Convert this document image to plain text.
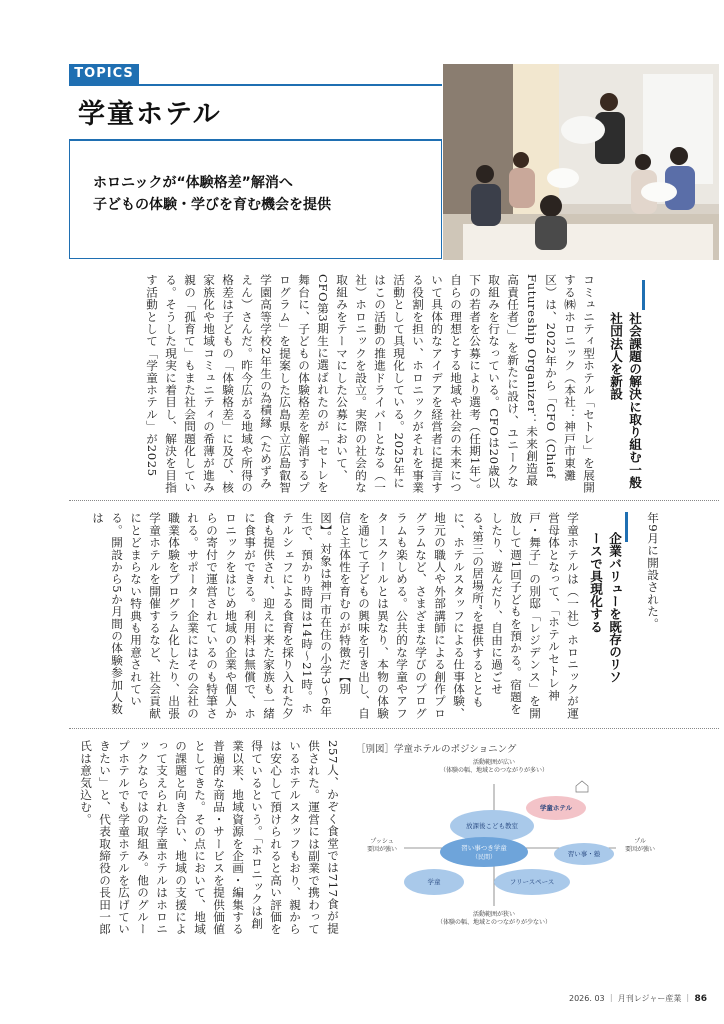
TOPICS
学童ホテル
ホロニックが“体験格差”解消へ
子どもの体験・学びを育む機会を提供
社会課題の解決に取り組む一般社団法人を新設
コミュニティ型ホテル「セトレ」を展開する㈱ホロニック（本社：神戸市東灘区）は、2022年から「CFO（Chief Futureship Organizer：未来創造最高責任者）」を新たに設け、ユニークな取組みを行なっている。CFOは20歳以下の若者を公募により選考（任期1年）。自らの理想とする地域や社会の未来について具体的なアイデアを経営者に提言する役割を担い、ホロニックがそれを事業活動として具現化している。2025年にはこの活動の推進ドライバーとなる（一社）ホロニックを設立。実際の社会的な取組みをテーマにした公募において、CFO第3期生に選ばれたのが「セトレを舞台に、子どもの体験格差を解消するプログラム」を提案した広島県立広島叡智学園高等学校2年生の為積縁（ためずみえん）さんだ。昨今広がる地域や所得の格差は子どもの「体験格差」に及び、核家族化や地域コミュニティの希薄が進み親の「孤育て」もまた社会問題化している。そうした現実に着目し、解決を目指す活動として「学童ホテル」が2025
年9月に開設された。
企業バリューを既存のリソースで具現化する
学童ホテルは（一社）ホロニックが運営母体となって、「ホテルセトレ神戸・舞子」の別邸「レジデンス」を開放して週1回子どもを預かる。宿題をしたり、遊んだり、自由に過ごせる“第三の居場所”を提供するとともに、ホテルスタッフによる仕事体験、地元の職人や外部講師による創作プログラムなど、さまざまな学びのプログラムも楽しめる。公共的な学童やアフタースクールとは異なり、本物の体験を通じて子どもの興味を引き出し、自信と主体性を育むのが特徴だ【別図】。対象は神戸市在住の小学3〜6年生で、預かり時間は14時〜21時。ホテルシェフによる食育を採り入れた夕食も提供され、迎えに来た家族も一緒に食事ができる。利用料は無償で、ホロニックをはじめ地域の企業や個人からの寄付で運営されているのも特筆される。サポーター企業にはその会社の職業体験をプログラム化したり、出張学童ホテルを開催するなど、社会貢献にとどまらない特典も用意されている。開設から5か月間の体験参加人数は
257人、かぞく食堂では717食が提供された。運営には副業で携わっているホテルスタッフもおり、親からは安心して預けられると高い評価を得ているという。「ホロニックは創業以来、地域資源を企画・編集する普遍的な商品・サービスを提供価値としてきた。その点において、地域の課題と向き合い、地域の支援によって支えられた学童ホテルはホロニックならではの取組み。他のグループホテルでも学童ホテルを広げていきたい」と、代表取締役の長田一郎氏は意気込む。	［別図］学童ホテルのポジショニング
活動範囲が広い
（体験の幅、地域とのつながりが多い）
活動範囲が狭い
（体験の幅、地域とのつながりが少ない）
プッシュ
要因が強い
プル
要因が強い
放課後こども教室
学童ホテル
習い事つき学童
（民間）	習い事・塾
フリースペース
学童
2026. 03 ｜ 月刊レジャー産業 ｜ 86
